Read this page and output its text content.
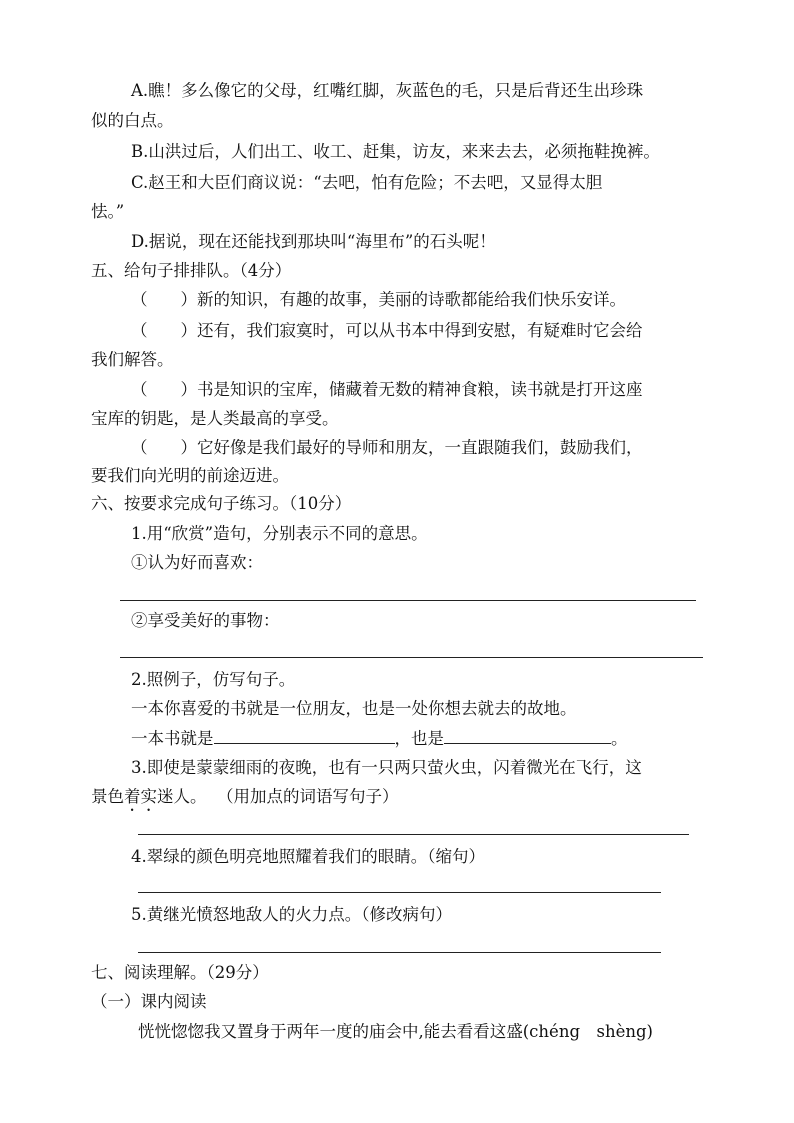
A.瞧！多么像它的父母，红嘴红脚，灰蓝色的毛，只是后背还生出珍珠
似的白点。
B.山洪过后，人们出工、收工、赶集，访友，来来去去，必须拖鞋挽裤。
C.赵王和大臣们商议说：“去吧，怕有危险；不去吧，又显得太胆
怯。”
D.据说，现在还能找到那块叫“海里布”的石头呢！
五、给句子排排队。（4分）
（　　）新的知识，有趣的故事，美丽的诗歌都能给我们快乐安详。
（　　）还有，我们寂寞时，可以从书本中得到安慰，有疑难时它会给
我们解答。
（　　）书是知识的宝库，储藏着无数的精神食粮，读书就是打开这座
宝库的钥匙，是人类最高的享受。
（　　）它好像是我们最好的导师和朋友，一直跟随我们，鼓励我们，
要我们向光明的前途迈进。
六、按要求完成句子练习。（10分）
1.用“欣赏”造句，分别表示不同的意思。
①认为好而喜欢：
②享受美好的事物：
2.照例子，仿写句子。
一本你喜爱的书就是一位朋友，也是一处你想去就去的故地。
一本书就是	，也是	。
3.即使是蒙蒙细雨的夜晚，也有一只两只萤火虫，闪着微光在飞行，这
景色着实迷人。 （用加点的词语写句子）
4.翠绿的颜色明亮地照耀着我们的眼睛。（缩句）
5.黄继光愤怒地敌人的火力点。（修改病句）
七、阅读理解。（29分）
（一）课内阅读
恍恍惚惚我又置身于两年一度的庙会中,能去看看这盛(chéng　shèng)
